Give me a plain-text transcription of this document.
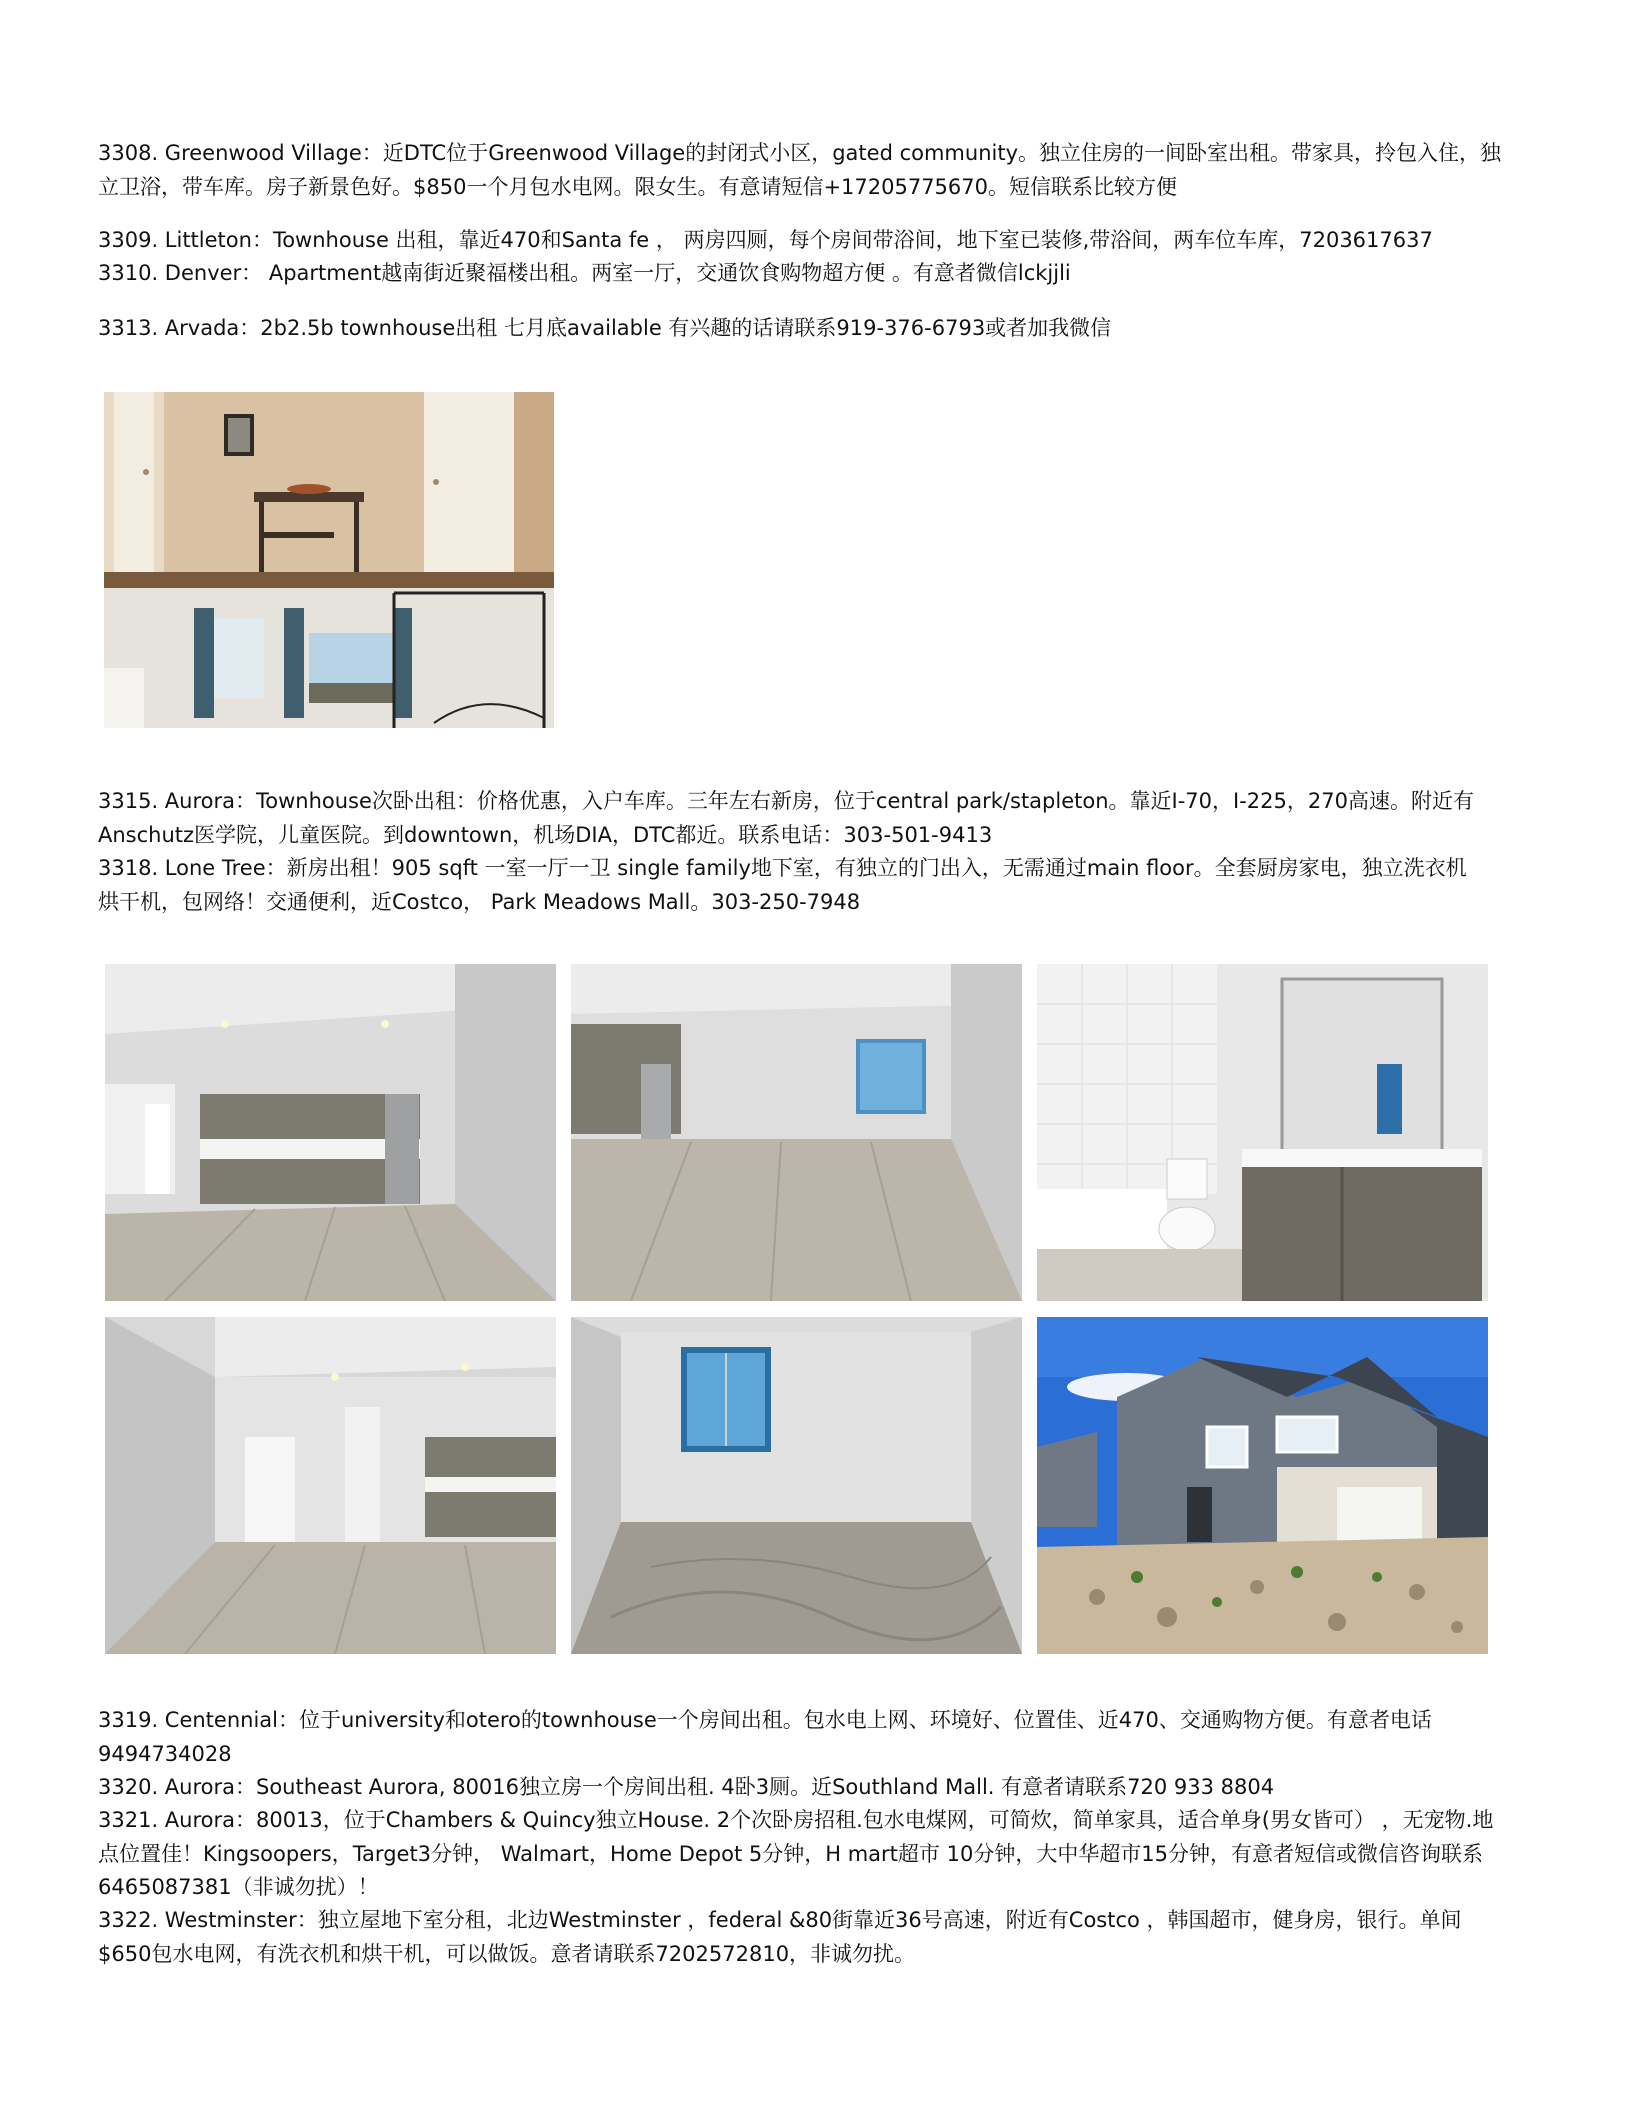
3308. Greenwood Village：近DTC位于Greenwood Village的封闭式小区，gated community。独立住房的一间卧室出租。带家具，拎包入住，独
立卫浴，带车库。房子新景色好。$850一个月包水电网。限女生。有意请短信+17205775670。短信联系比较方便

3309. Littleton：Townhouse 出租，靠近470和Santa fe ， 两房四厕，每个房间带浴间，地下室已装修,带浴间，两车位车库，7203617637

3310. Denver： Apartment越南街近聚福楼出租。两室一厅，交通饮食购物超方便 。有意者微信lckjjli

3313. Arvada：2b2.5b townhouse出租 七月底available 有兴趣的话请联系919-376-6793或者加我微信

3315. Aurora：Townhouse次卧出租：价格优惠，入户车库。三年左右新房，位于central park/stapleton。靠近I-70，I-225，270高速。附近有
Anschutz医学院，儿童医院。到downtown，机场DIA，DTC都近。联系电话：303-501-9413

3318. Lone Tree：新房出租！905 sqft 一室一厅一卫 single family地下室，有独立的门出入，无需通过main floor。全套厨房家电，独立洗衣机
烘干机，包网络！交通便利，近Costco， Park Meadows Mall。303-250-7948

3319. Centennial：位于university和otero的townhouse一个房间出租。包水电上网、环境好、位置佳、近470、交通购物方便。有意者电话
9494734028

3320. Aurora：Southeast Aurora, 80016独立房一个房间出租. 4卧3厕。近Southland Mall. 有意者请联系720 933 8804

3321. Aurora：80013，位于Chambers & Quincy独立House. 2个次卧房招租.包水电煤网，可简炊，简单家具，适合单身(男女皆可） ，无宠物.地
点位置佳！Kingsoopers，Target3分钟， Walmart，Home Depot 5分钟，H mart超市 10分钟，大中华超市15分钟，有意者短信或微信咨询联系
6465087381（非诚勿扰）！

3322. Westminster：独立屋地下室分租，北边Westminster ，federal &80街靠近36号高速，附近有Costco ，韩国超市，健身房，银行。单间
$650包水电网，有洗衣机和烘干机，可以做饭。意者请联系7202572810，非诚勿扰。
